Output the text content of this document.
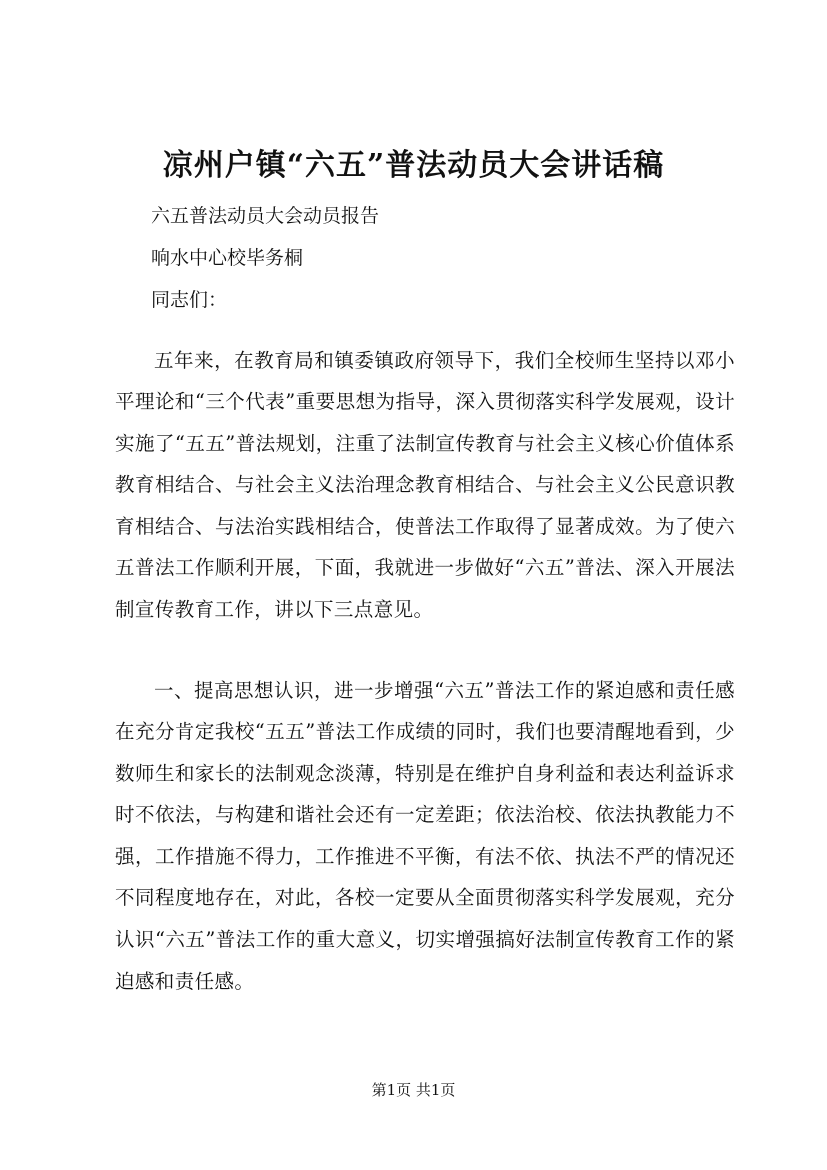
凉州户镇“六五”普法动员大会讲话稿
六五普法动员大会动员报告
响水中心校毕务桐
同志们：

五年来，在教育局和镇委镇政府领导下，我们全校师生坚持以邓小平理论和“三个代表”重要思想为指导，深入贯彻落实科学发展观，设计实施了“五五”普法规划，注重了法制宣传教育与社会主义核心价值体系教育相结合、与社会主义法治理念教育相结合、与社会主义公民意识教育相结合、与法治实践相结合，使普法工作取得了显著成效。为了使六五普法工作顺利开展，下面，我就进一步做好“六五”普法、深入开展法制宣传教育工作，讲以下三点意见。

一、提高思想认识，进一步增强“六五”普法工作的紧迫感和责任感在充分肯定我校“五五”普法工作成绩的同时，我们也要清醒地看到，少数师生和家长的法制观念淡薄，特别是在维护自身利益和表达利益诉求时不依法，与构建和谐社会还有一定差距；依法治校、依法执教能力不强，工作措施不得力，工作推进不平衡，有法不依、执法不严的情况还不同程度地存在，对此，各校一定要从全面贯彻落实科学发展观，充分认识“六五”普法工作的重大意义，切实增强搞好法制宣传教育工作的紧迫感和责任感。

第1页 共1页
